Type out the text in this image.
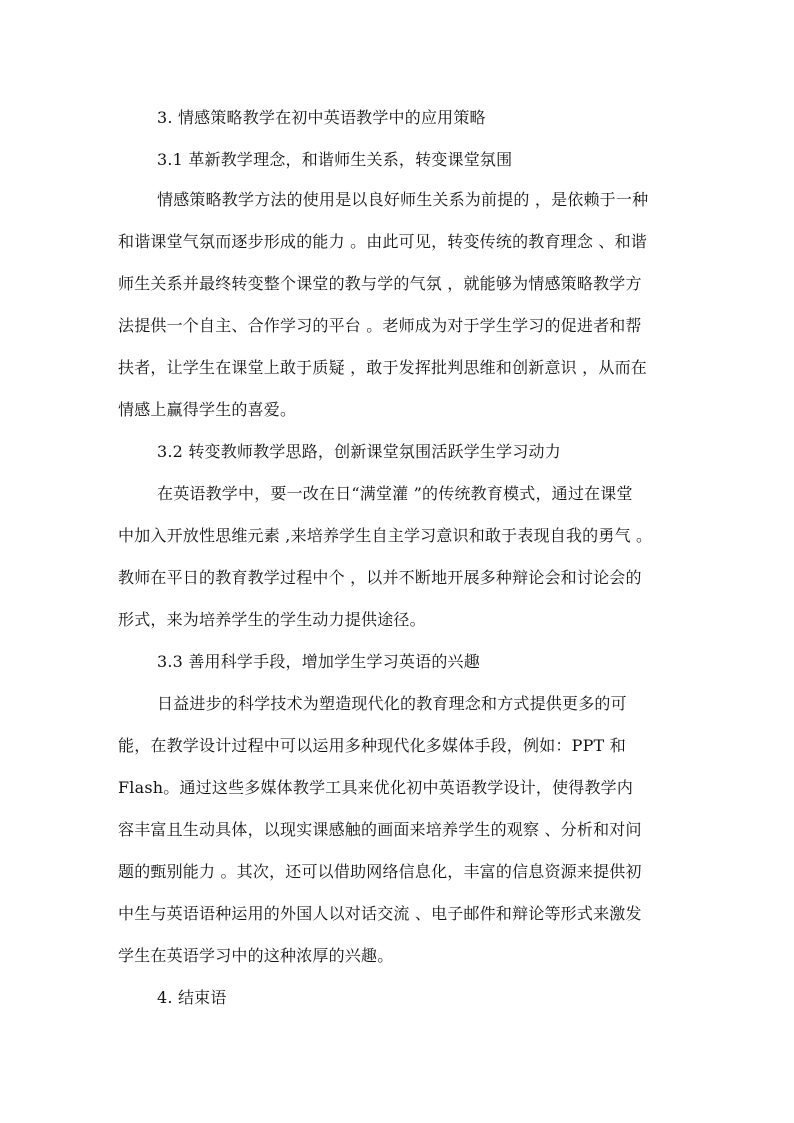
3. 情感策略教学在初中英语教学中的应用策略
3.1 革新教学理念，和谐师生关系，转变课堂氛围
情感策略教学方法的使用是以良好师生关系为前提的 ，是依赖于一种
和谐课堂气氛而逐步形成的能力 。由此可见，转变传统的教育理念 、和谐
师生关系并最终转变整个课堂的教与学的气氛 ，就能够为情感策略教学方
法提供一个自主、合作学习的平台 。老师成为对于学生学习的促进者和帮
扶者，让学生在课堂上敢于质疑 ，敢于发挥批判思维和创新意识 ，从而在
情感上赢得学生的喜爱。
3.2 转变教师教学思路，创新课堂氛围活跃学生学习动力
在英语教学中，要一改在日“满堂灌 ”的传统教育模式，通过在课堂
中加入开放性思维元素 ,来培养学生自主学习意识和敢于表现自我的勇气 。
教师在平日的教育教学过程中个 ，以并不断地开展多种辩论会和讨论会的
形式，来为培养学生的学生动力提供途径。
3.3 善用科学手段，增加学生学习英语的兴趣
日益进步的科学技术为塑造现代化的教育理念和方式提供更多的可
能，在教学设计过程中可以运用多种现代化多媒体手段，例如：PPT 和
Flash。通过这些多媒体教学工具来优化初中英语教学设计，使得教学内
容丰富且生动具体，以现实课感触的画面来培养学生的观察 、分析和对问
题的甄别能力 。其次，还可以借助网络信息化，丰富的信息资源来提供初
中生与英语语种运用的外国人以对话交流 、电子邮件和辩论等形式来激发
学生在英语学习中的这种浓厚的兴趣。
4. 结束语
